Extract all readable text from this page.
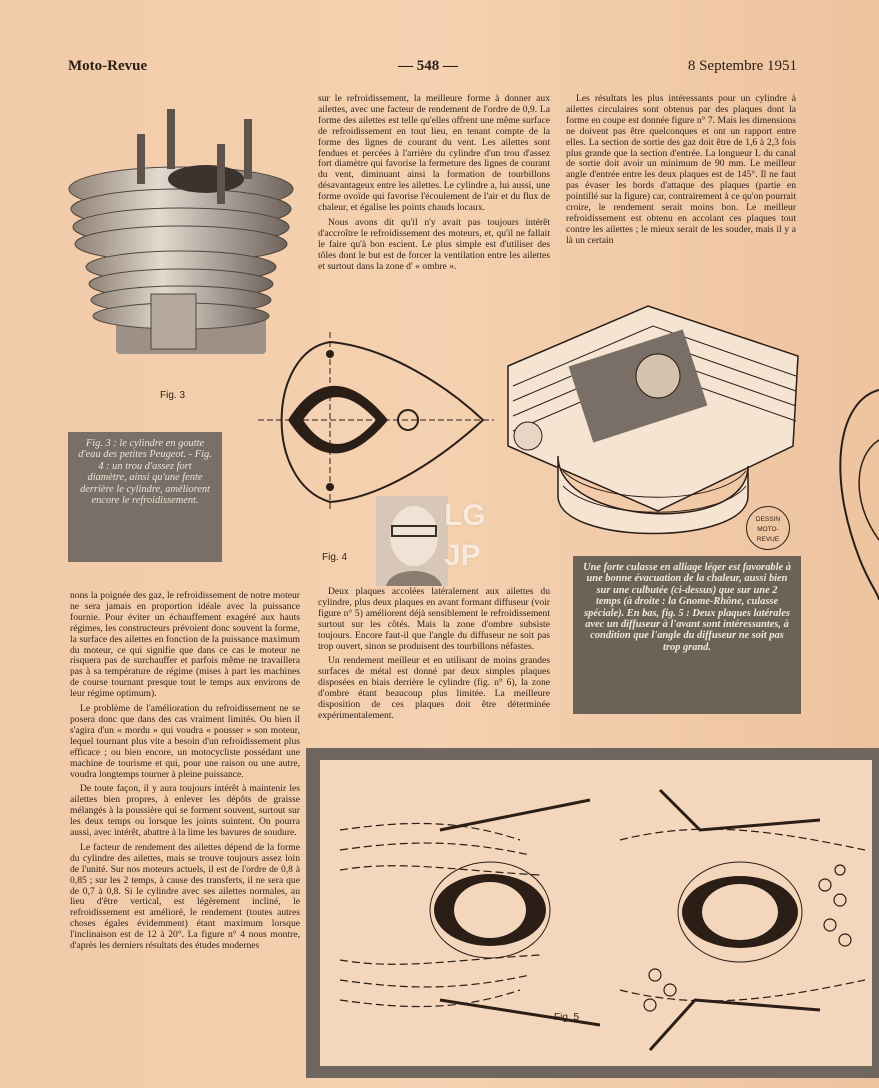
Moto-Revue	— 548 —	8 Septembre 1951
Fig. 3
Fig. 3 : le cylindre en goutte d'eau des petites Peugeot. - Fig. 4 : un trou d'assez fort diamètre, ainsi qu'une fente derrière le cylindre, améliorent encore le refroidissement.

sur le refroidissement, la meilleure forme à donner aux ailettes, avec une facteur de rendement de l'ordre de 0,9. La forme des ailettes est telle qu'elles offrent une même surface de refroidissement en tout lieu, en tenant compte de la forme des lignes de courant du vent. Les ailettes sont fendues et percées à l'arrière du cylindre d'un trou d'assez fort diamètre qui favorise la fermeture des lignes de courant du vent, diminuant ainsi la formation de tourbillons désavantageux entre les ailettes. Le cylindre a, lui aussi, une forme ovoïde qui favorise l'écoulement de l'air et du flux de chaleur, et égalise les points chauds locaux.

Nous avons dit qu'il n'y avait pas toujours intérêt d'accroître le refroidissement des moteurs, et, qu'il ne fallait le faire qu'à bon escient. Le plus simple est d'utiliser des tôles dont le but est de forcer la ventilation entre les ailettes et surtout dans la zone d' « ombre ».

Les résultats les plus intéressants pour un cylindre à ailettes circulaires sont obtenus par des plaques dont la forme en coupe est donnée figure n° 7. Mais les dimensions ne doivent pas être quelconques et ont un rapport entre elles. La section de sortie des gaz doit être de 1,6 à 2,3 fois plus grande que la section d'entrée. La longueur L du canal de sortie doit avoir un minimum de 90 mm. Le meilleur angle d'entrée entre les deux plaques est de 145°. Il ne faut pas évaser les bords d'attaque des plaques (partie en pointillé sur la figure) car, contrairement à ce qu'on pourrait croire, le rendement serait moins bon. Le meilleur refroidissement est obtenu en accolant ces plaques tout contre les ailettes ; le mieux serait de les souder, mais il y a là un certain

Fig. 4
LG
JP
DESSIN
MOTO-REVUE
Une forte culasse en alliage léger est favorable à une bonne évacuation de la chaleur, aussi bien sur une culbutée (ci-dessus) que sur une 2 temps (à droite : la Gnome-Rhône, culasse spéciale). En bas, fig. 5 : Deux plaques latérales avec un diffuseur à l'avant sont intéressantes, à condition que l'angle du diffuseur ne soit pas trop grand.

nons la poignée des gaz, le refroidissement de notre moteur ne sera jamais en proportion idéale avec la puissance fournie. Pour éviter un échauffement exagéré aux hauts régimes, les constructeurs prévoient donc souvent la forme, la surface des ailettes en fonction de la puissance maximum du moteur, ce qui signifie que dans ce cas le moteur ne risquera pas de surchauffer et parfois même ne travaillera pas à sa température de régime (mises à part les machines de course tournant presque tout le temps aux environs de leur régime optimum).

Le problème de l'amélioration du refroidissement ne se posera donc que dans des cas vraiment limités. Ou bien il s'agira d'un « mordu » qui voudra « pousser » son moteur, lequel tournant plus vite a besoin d'un refroidissement plus efficace ; ou bien encore, un motocycliste possédant une machine de tourisme et qui, pour une raison ou une autre, voudra longtemps tourner à pleine puissance.

De toute façon, il y aura toujours intérêt à maintenir les ailettes bien propres, à enlever les dépôts de graisse mélangés à la poussière qui se forment souvent, surtout sur les deux temps ou lorsque les joints suintent. On pourra aussi, avec intérêt, abattre à la lime les bavures de soudure.

Le facteur de rendement des ailettes dépend de la forme du cylindre des ailettes, mais se trouve toujours assez loin de l'unité. Sur nos moteurs actuels, il est de l'ordre de 0,8 à 0,85 ; sur les 2 temps, à cause des transferts, il ne sera que de 0,7 à 0,8. Si le cylindre avec ses ailettes normales, au lieu d'être vertical, est légèrement incliné, le refroidissement est amélioré, le rendement (toutes autres choses égales évidemment) étant maximum lorsque l'inclinaison est de 12 à 20°. La figure n° 4 nous montre, d'après les derniers résultats des études modernes

Deux plaques accolées latéralement aux ailettes du cylindre, plus deux plaques en avant formant diffuseur (voir figure n° 5) améliorent déjà sensiblement le refroidissement surtout sur les côtés. Mais la zone d'ombre subsiste toujours. Encore faut-il que l'angle du diffuseur ne soit pas trop ouvert, sinon se produisent des tourbillons néfastes.

Un rendement meilleur et en utilisant de moins grandes surfaces de métal est donné par deux simples plaques disposées en biais derrière le cylindre (fig. n° 6), la zone d'ombre étant beaucoup plus limitée. La meilleure disposition de ces plaques doit être déterminée expérimentalement.

Fig. 5
